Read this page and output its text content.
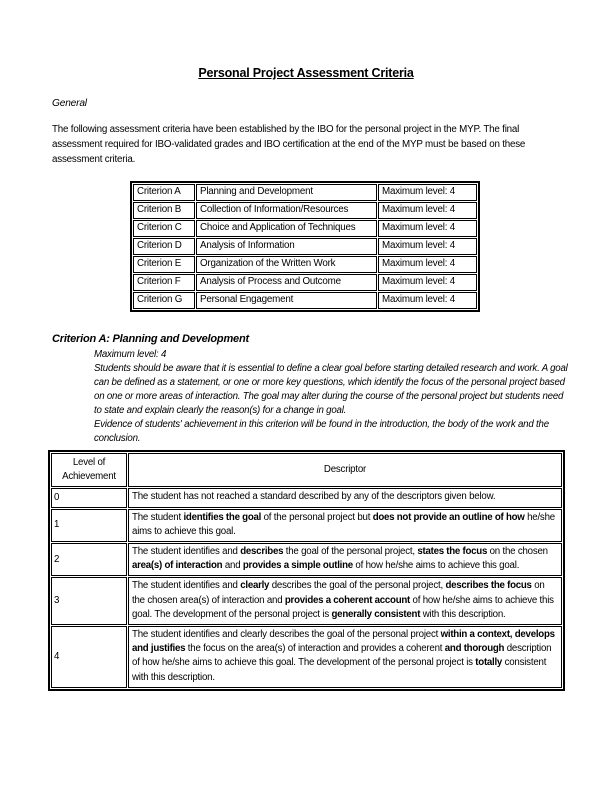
Personal Project Assessment Criteria
General

The following assessment criteria have been established by the IBO for the personal project in the MYP. The final assessment required for IBO-validated grades and IBO certification at the end of the MYP must be based on these assessment criteria.

Criterion A	Planning and Development	Maximum level: 4
Criterion B	Collection of Information/Resources	Maximum level: 4
Criterion C	Choice and Application of Techniques	Maximum level: 4
Criterion D	Analysis of Information	Maximum level: 4
Criterion E	Organization of the Written Work	Maximum level: 4
Criterion F	Analysis of Process and Outcome	Maximum level: 4
Criterion G	Personal Engagement	Maximum level: 4
Criterion A: Planning and Development
Maximum level: 4
Students should be aware that it is essential to define a clear goal before starting detailed research and work. A goal can be defined as a statement, or one or more key questions, which identify the focus of the personal project based on one or more areas of interaction. The goal may alter during the course of the personal project but students need to state and explain clearly the reason(s) for a change in goal.
Evidence of students' achievement in this criterion will be found in the introduction, the body of the work and the conclusion.
Level of Achievement	Descriptor
0	The student has not reached a standard described by any of the descriptors given below.
1	The student identifies the goal of the personal project but does not provide an outline of how he/she aims to achieve this goal.
2	The student identifies and describes the goal of the personal project, states the focus on the chosen area(s) of interaction and provides a simple outline of how he/she aims to achieve this goal.
3	The student identifies and clearly describes the goal of the personal project, describes the focus on the chosen area(s) of interaction and provides a coherent account of how he/she aims to achieve this goal. The development of the personal project is generally consistent with this description.
4	The student identifies and clearly describes the goal of the personal project within a context, develops and justifies the focus on the area(s) of interaction and provides a coherent and thorough description of how he/she aims to achieve this goal. The development of the personal project is totally consistent with this description.
